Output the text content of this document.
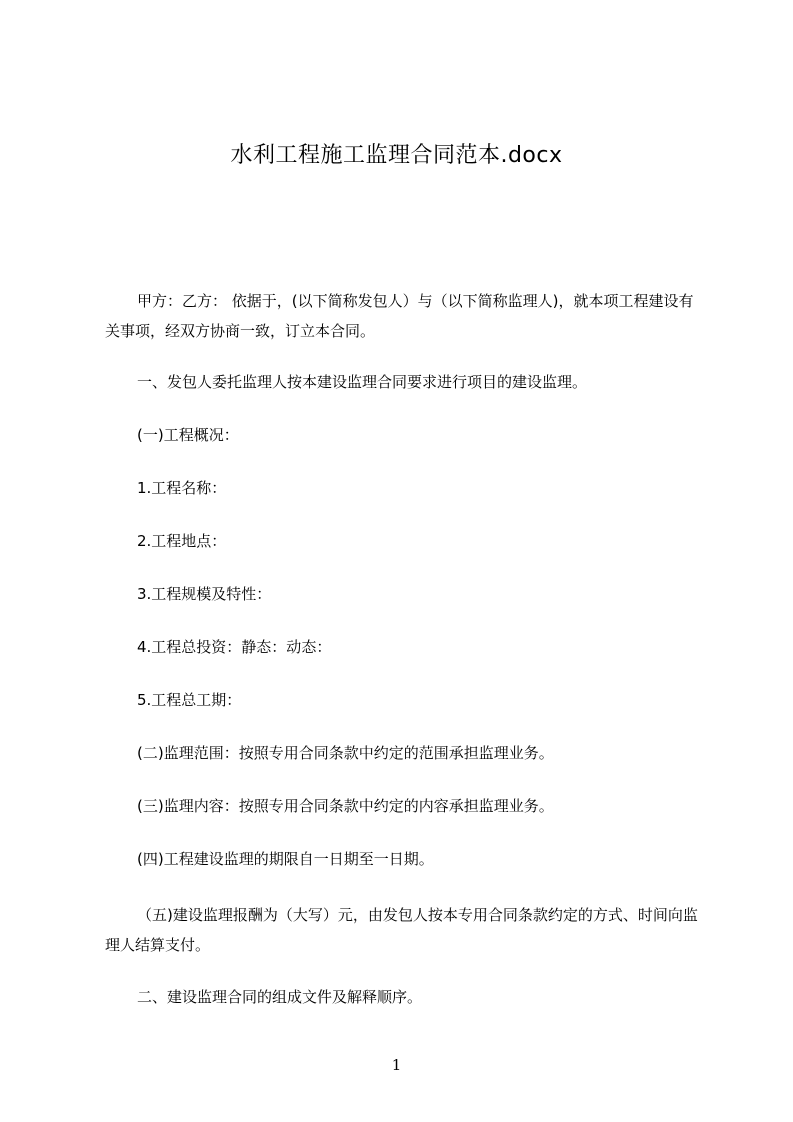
水利工程施工监理合同范本.docx
甲方：乙方： 依据于，(以下简称发包人）与（以下简称监理人)，就本项工程建设有关事项，经双方协商一致，订立本合同。
一、发包人委托监理人按本建设监理合同要求进行项目的建设监理。
(一)工程概况：
1.工程名称：
2.工程地点：
3.工程规模及特性：
4.工程总投资：静态：动态：
5.工程总工期：
(二)监理范围：按照专用合同条款中约定的范围承担监理业务。
(三)监理内容：按照专用合同条款中约定的内容承担监理业务。
(四)工程建设监理的期限自一日期至一日期。
（五)建设监理报酬为（大写）元，由发包人按本专用合同条款约定的方式、时间向监理人结算支付。
二、建设监理合同的组成文件及解释顺序。
1
